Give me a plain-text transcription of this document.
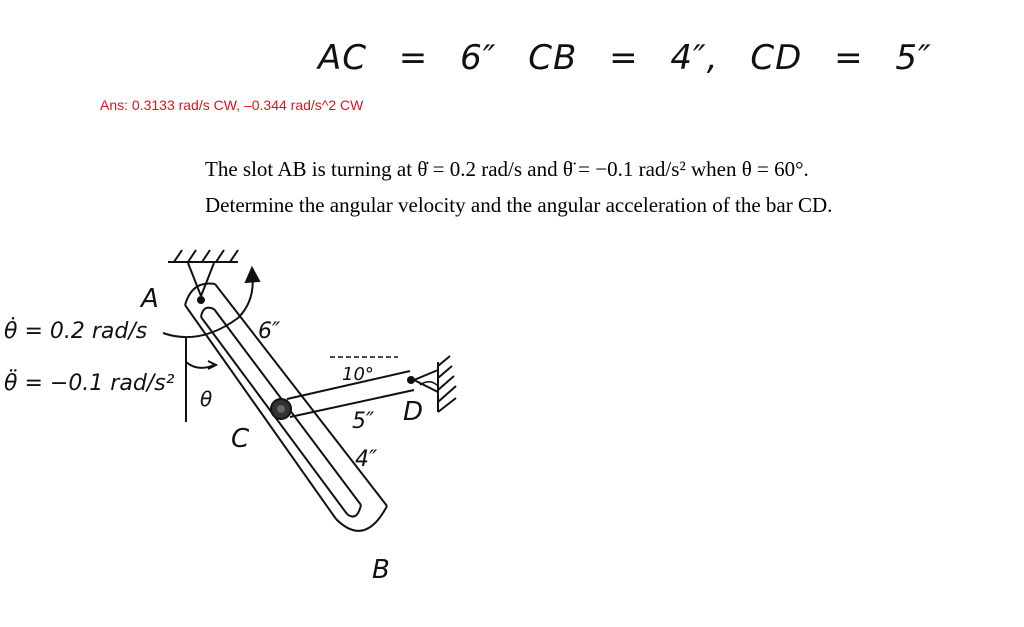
AC = 6″ CB = 4″, CD = 5″
Ans: 0.3133 rad/s CW, –0.344 rad/s^2 CW
The slot AB is turning at θ̇ = 0.2 rad/s and θ̈ = −0.1 rad/s² when θ = 60°.
Determine the angular velocity and the angular acceleration of the bar CD.
θ̇ = 0.2 rad/s
θ̈ = −0.1 rad/s²
A
6″
θ
C
10°
5″ D
4″
B
